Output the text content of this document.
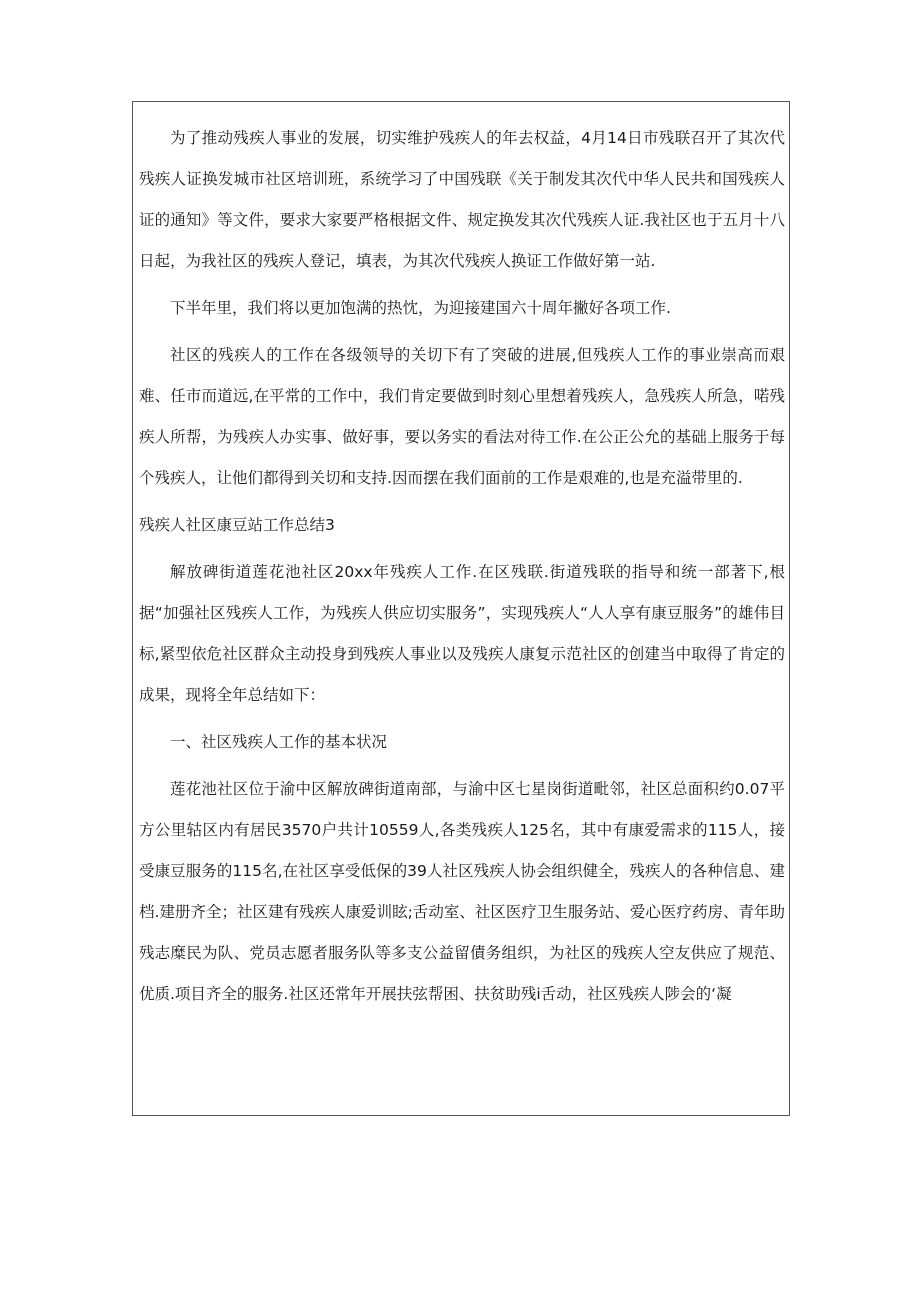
为了推动残疾人事业的发展，切实维护残疾人的年去权益，4月14日市残联召开了其次代残疾人证换发城市社区培训班，系统学习了中国残联《关于制发其次代中华人民共和国残疾人证的通知》等文件，要求大家要严格根据文件、规定换发其次代残疾人证.我社区也于五月十八日起，为我社区的残疾人登记，填表，为其次代残疾人换证工作做好第一站.

下半年里，我们将以更加饱满的热忱，为迎接建国六十周年撇好各项工作.

社区的残疾人的工作在各级领导的关切下有了突破的进展,但残疾人工作的事业崇高而艰难、任市而道远,在平常的工作中，我们肯定要做到时刻心里想着残疾人，急残疾人所急，喏残疾人所帮，为残疾人办实事、做好事，要以务实的看法对待工作.在公正公允的基础上服务于每个残疾人，让他们都得到关切和支持.因而摆在我们面前的工作是艰难的,也是充溢带里的.

残疾人社区康豆站工作总结3

解放碑街道莲花池社区20xx年残疾人工作.在区残联.街道残联的指导和统一部著下,根据“加强社区残疾人工作，为残疾人供应切实服务”，实现残疾人“人人享有康豆服务”的雄伟目标,紧型依危社区群众主动投身到残疾人事业以及残疾人康复示范社区的创建当中取得了肯定的成果，现将全年总结如下：

一、社区残疾人工作的基本状况

莲花池社区位于渝中区解放碑街道南部，与渝中区七星岗街道毗邻，社区总面积约0.07平方公里轱区内有居民3570户共计10559人,各类残疾人125名，其中有康爱需求的115人，接受康豆服务的115名,在社区享受低保的39人社区残疾人协会组织健全，残疾人的各种信息、建档.建册齐全；社区建有残疾人康爱训眩;舌动室、社区医疗卫生服务站、爱心医疗药房、青年助残志糜民为队、党员志愿者服务队等多支公益留債务组织，为社区的残疾人空友供应了规范、优质.项目齐全的服务.社区还常年开展扶弦帮困、扶贫助残i舌动，社区残疾人陟会的‘凝
